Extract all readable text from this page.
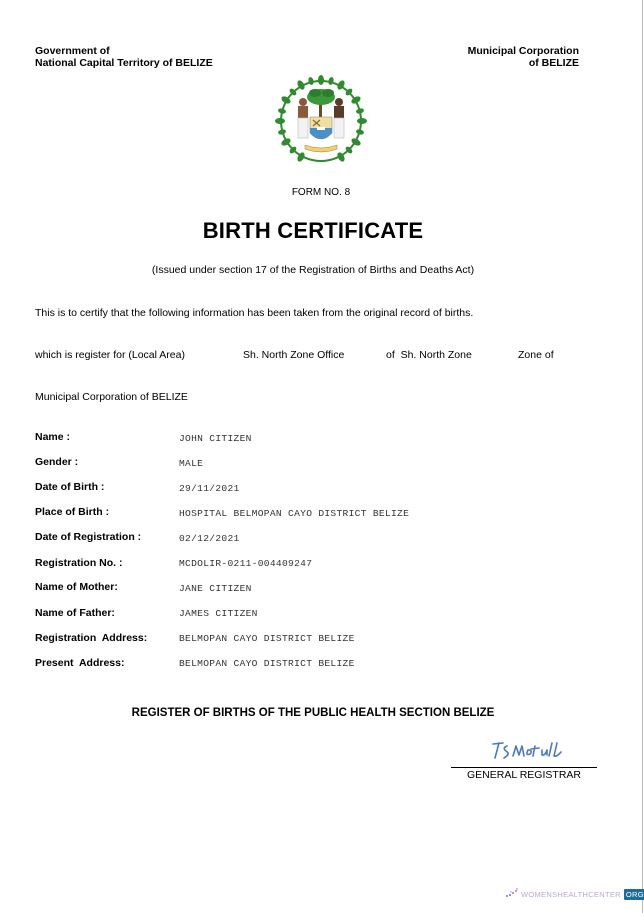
Government of
National Capital Territory of BELIZE
Municipal Corporation
of BELIZE
FORM NO. 8
BIRTH CERTIFICATE
(Issued under section 17 of the Registration of Births and Deaths Act)
This is to certify that the following information has been taken from the original record of births.
which is register for (Local Area)	Sh. North Zone Office	of  Sh. North Zone	Zone of
Municipal Corporation of BELIZE
Name :	JOHN CITIZEN
Gender :	MALE
Date of Birth :	29/11/2021
Place of Birth :	HOSPITAL BELMOPAN CAYO DISTRICT BELIZE
Date of Registration :	02/12/2021
Registration No. :	MCDOLIR-0211-004409247
Name of Mother:	JANE CITIZEN
Name of Father:	JAMES CITIZEN
Registration  Address:	BELMOPAN CAYO DISTRICT BELIZE
Present  Address:	BELMOPAN CAYO DISTRICT BELIZE
REGISTER OF BIRTHS OF THE PUBLIC HEALTH SECTION BELIZE
GENERAL REGISTRAR
WOMENSHEALTHCENTER ORG
